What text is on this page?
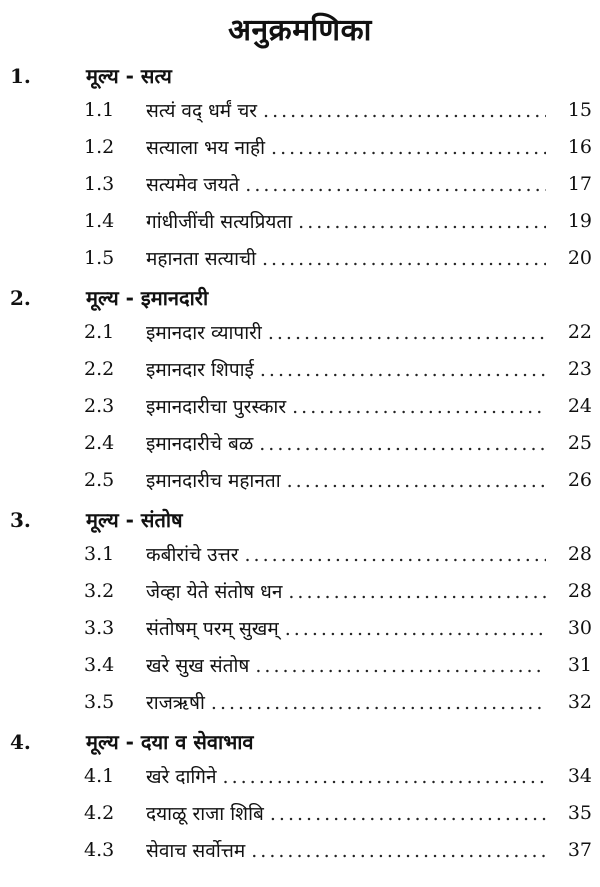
अनुक्रमणिका
1.	मूल्य - सत्य
1.1 सत्यं वद् धर्मं चर .....	15
1.2 सत्याला भय नाही .....	16
1.3 सत्यमेव जयते .....	17
1.4 गांधीजींची सत्यप्रियता .....	19
1.5 महानता सत्याची .....	20
2.	मूल्य - इमानदारी
2.1 इमानदार व्यापारी .....	22
2.2 इमानदार शिपाई .....	23
2.3 इमानदारीचा पुरस्कार .....	24
2.4 इमानदारीचे बळ .....	25
2.5 इमानदारीच महानता .....	26
3.	मूल्य - संतोष
3.1 कबीरांचे उत्तर .....	28
3.2 जेव्हा येते संतोष धन .....	28
3.3 संतोषम् परम् सुखम् .....	30
3.4 खरे सुख संतोष .....	31
3.5 राजऋषी .....	32
4.	मूल्य - दया व सेवाभाव
4.1 खरे दागिने .....	34
4.2 दयाळू राजा शिबि .....	35
4.3 सेवाच सर्वोत्तम .....	37
